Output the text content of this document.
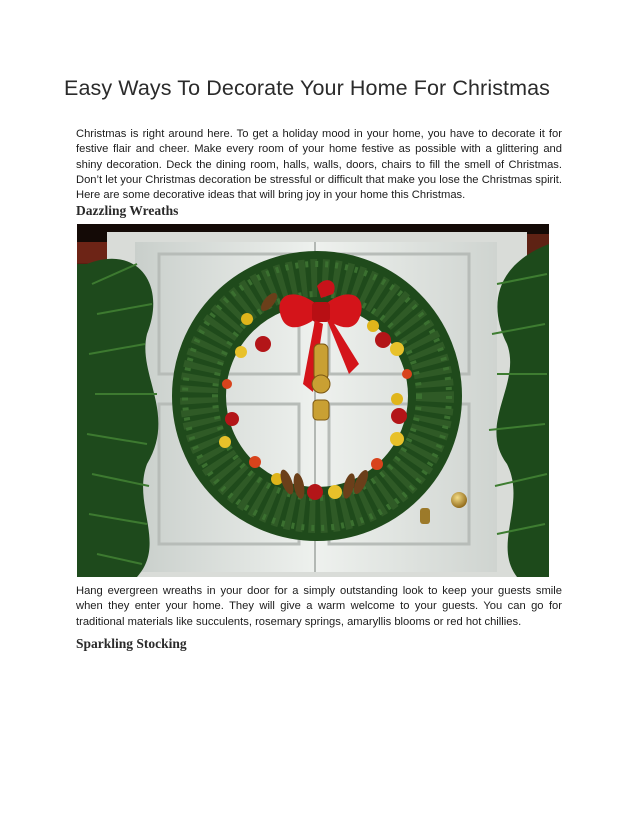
Easy Ways To Decorate Your Home For Christmas

Christmas is right around here. To get a holiday mood in your home, you have to decorate it for festive flair and cheer. Make every room of your home festive as possible with a glittering and shiny decoration. Deck the dining room, halls, walls, doors, chairs to fill the smell of Christmas. Don’t let your Christmas decoration be stressful or difficult that make you lose the Christmas spirit. Here are some decorative ideas that will bring joy in your home this Christmas.

Dazzling Wreaths

Hang evergreen wreaths in your door for a simply outstanding look to keep your guests smile when they enter your home. They will give a warm welcome to your guests. You can go for traditional materials like succulents, rosemary springs, amaryllis blooms or red hot chillies.

Sparkling Stocking
